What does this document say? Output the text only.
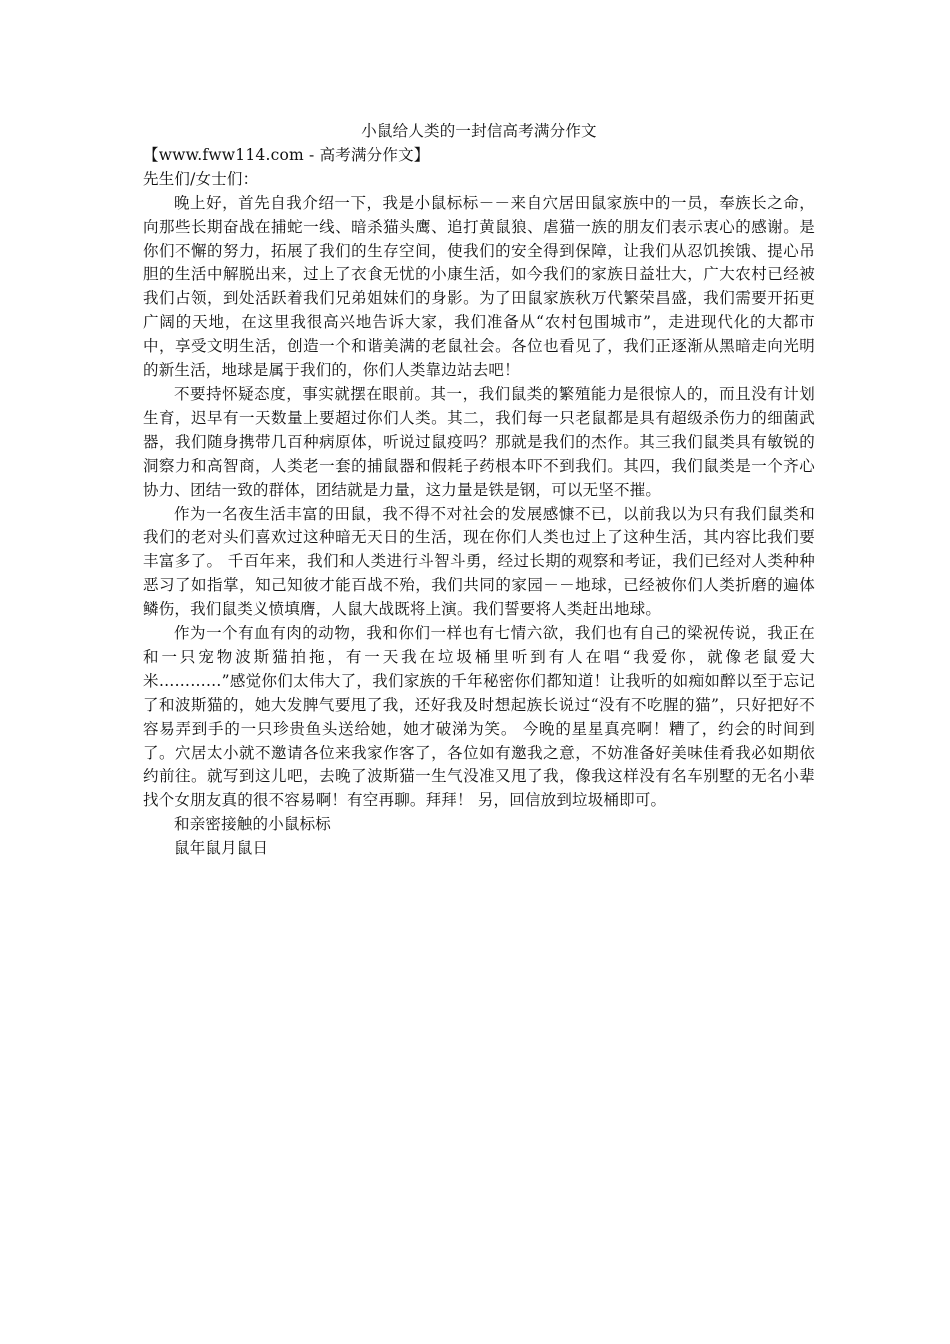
小鼠给人类的一封信高考满分作文

【www.fww114.com - 高考满分作文】

先生们/女士们：

晚上好，首先自我介绍一下，我是小鼠标标－－来自穴居田鼠家族中的一员，奉族长之命，向那些长期奋战在捕蛇一线、暗杀猫头鹰、追打黄鼠狼、虐猫一族的朋友们表示衷心的感谢。是你们不懈的努力，拓展了我们的生存空间，使我们的安全得到保障，让我们从忍饥挨饿、提心吊胆的生活中解脱出来，过上了衣食无忧的小康生活，如今我们的家族日益壮大，广大农村已经被我们占领，到处活跃着我们兄弟姐妹们的身影。为了田鼠家族秋万代繁荣昌盛，我们需要开拓更广阔的天地，在这里我很高兴地告诉大家，我们准备从“农村包围城市”，走进现代化的大都市中，享受文明生活，创造一个和谐美满的老鼠社会。各位也看见了，我们正逐渐从黑暗走向光明的新生活，地球是属于我们的，你们人类靠边站去吧！

不要持怀疑态度，事实就摆在眼前。其一，我们鼠类的繁殖能力是很惊人的，而且没有计划生育，迟早有一天数量上要超过你们人类。其二，我们每一只老鼠都是具有超级杀伤力的细菌武器，我们随身携带几百种病原体，听说过鼠疫吗？那就是我们的杰作。其三我们鼠类具有敏锐的洞察力和高智商，人类老一套的捕鼠器和假耗子药根本吓不到我们。其四，我们鼠类是一个齐心协力、团结一致的群体，团结就是力量，这力量是铁是钢，可以无坚不摧。

作为一名夜生活丰富的田鼠，我不得不对社会的发展感慷不已，以前我以为只有我们鼠类和我们的老对头们喜欢过这种暗无天日的生活，现在你们人类也过上了这种生活，其内容比我们要丰富多了。 千百年来，我们和人类进行斗智斗勇，经过长期的观察和考证，我们已经对人类种种恶习了如指掌，知己知彼才能百战不殆，我们共同的家园－－地球，已经被你们人类折磨的遍体鳞伤，我们鼠类义愤填膺，人鼠大战既将上演。我们誓要将人类赶出地球。

作为一个有血有肉的动物，我和你们一样也有七情六欲，我们也有自己的梁祝传说，我正在和一只宠物波斯猫拍拖，有一天我在垃圾桶里听到有人在唱“我爱你，就像老鼠爱大米…………”感觉你们太伟大了，我们家族的千年秘密你们都知道！让我听的如痴如醉以至于忘记了和波斯猫的，她大发脾气要甩了我，还好我及时想起族长说过“没有不吃腥的猫”，只好把好不容易弄到手的一只珍贵鱼头送给她，她才破涕为笑。 今晚的星星真亮啊！糟了，约会的时间到了。穴居太小就不邀请各位来我家作客了，各位如有邀我之意，不妨准备好美味佳肴我必如期依约前往。就写到这儿吧，去晚了波斯猫一生气没准又甩了我，像我这样没有名车别墅的无名小辈找个女朋友真的很不容易啊！有空再聊。拜拜！ 另，回信放到垃圾桶即可。

和亲密接触的小鼠标标

鼠年鼠月鼠日
